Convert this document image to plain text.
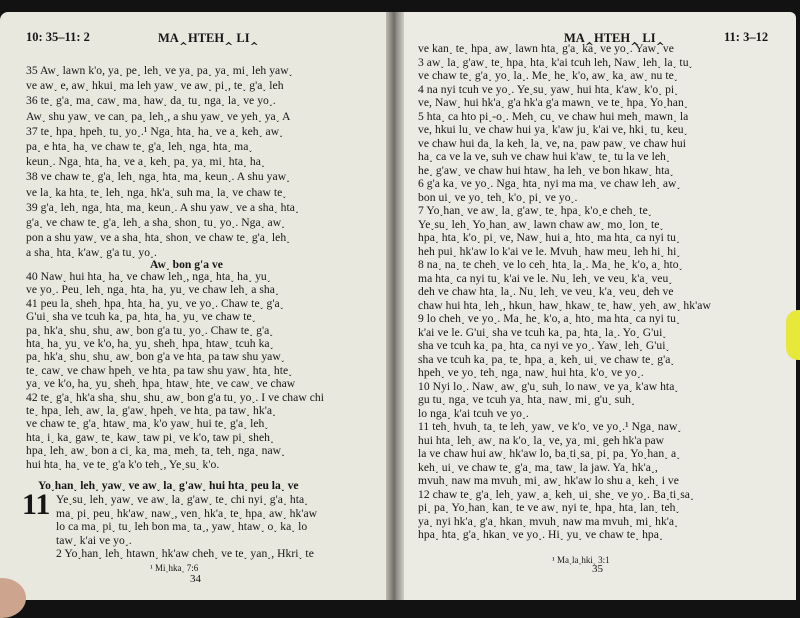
10: 35–11: 2	MA‸HTEH‸ LI‸
35 Aw˯ lawn k'o, ya˯ pe˯ leh˯ ve ya˯ pa˯ ya˯ mi˯ leh yaw˯
ve aw˯ e, aw˯ hkui˯ ma leh yaw˯ ve aw˯ pi˯, te˯ g'a˯ leh
36 te˯ g'a˯ ma˯ caw˯ ma˯ haw˯ da˯ tu˯ nga˯ la˯ ve yo˯.
Aw˯ shu yaw˯ ve can˯ pa˯ leh˯, a shu yaw˯ ve yeh˯ ya˯ A
37 te˯ hpa˯ hpeh˯ tu˯ yo˯.¹ Nga˯ hta˯ ha˯ ve a˯ keh˯ aw˯
pa˯ e hta˯ ha˯ ve chaw te˯ g'a˯ leh˯ nga˯ hta˯ ma˯
keun˯. Nga˯ hta˯ ha˯ ve a˯ keh˯ pa˯ ya˯ mi˯ hta˯ ha˯
38 ve chaw te˯ g'a˯ leh˯ nga˯ hta˯ ma˯ keun˯. A shu yaw˯
ve la˯ ka hta˯ te˯ leh˯ nga˯ hk'a˯ suh ma˯ la˯ ve chaw te˯
39 g'a˯ leh˯ nga˯ hta˯ ma˯ keun˯. A shu yaw˯ ve a sha˯ hta˯
g'a˯ ve chaw te˯ g'a˯ leh˯ a sha˯ shon˯ tu˯ yo˯. Nga˯ aw˯
pon a shu yaw˯ ve a sha˯ hta˯ shon˯ ve chaw te˯ g'a˯ leh˯
a sha˯ hta˯ k'aw˯ g'a tu˯ yo˯.
Aw˯ bon g'a ve
40 Naw˯ hui hta˯ ha˯ ve chaw leh˯, nga˯ hta˯ ha˯ yu˯
ve yo˯. Peu˯ leh˯ nga˯ hta˯ ha˯ yu˯ ve chaw leh˯ a sha˯
41 peu la˯ sheh˯ hpa˯ hta˯ ha˯ yu˯ ve yo˯. Chaw te˯ g'a˯
G'ui˯ sha ve tcuh ka˯ pa˯ hta˯ ha˯ yu˯ ve chaw te˯
pa˯ hk'a˯ shu˯ shu˯ aw˯ bon g'a tu˯ yo˯. Chaw te˯ g'a˯
hta˯ ha˯ yu˯ ve k'o, ha˯ yu˯ sheh˯ hpa˯ htaw˯ tcuh ka˯
pa˯ hk'a˯ shu˯ shu˯ aw˯ bon g'a ve hta˯ pa taw shu yaw˯
te˯ caw˯ ve chaw hpeh˯ ve hta˯ pa taw shu yaw˯ hta˯ hte˯
ya˯ ve k'o, ha˯ yu˯ sheh˯ hpa˯ htaw˯ hte˯ ve caw˯ ve chaw
42 te˯ g'a˯ hk'a sha˯ shu˯ shu˯ aw˯ bon g'a tu˯ yo˯. I ve chaw chi
te˯ hpa˯ leh˯ aw˯ la˯ g'aw˯ hpeh˯ ve hta˯ pa taw˯ hk'a˯
ve chaw te˯ g'a˯ htaw˯ ma˯ k'o yaw˯ hui te˯ g'a˯ leh˯
hta˯ i˯ ka˯ gaw˯ te˯ kaw˯ taw pi˯ ve k'o, taw pi˯ sheh˯
hpa˯ leh˯ aw˯ bon a ci˯ ka˯ ma˯ meh˯ ta˯ teh˯ nga˯ naw˯
hui hta˯ ha˯ ve te˯ g'a k'o teh˯, Ye˯su˯ k'o.
Yo˯han˯ leh˯ yaw˯ ve aw˯ la˯ g'aw˯ hui hta˯ peu la˯ ve
11 Ye˯su˯ leh˯ yaw˯ ve aw˯ la˯ g'aw˯ te˯ chi nyi˯ g'a˯ hta˯
ma˯ pi˯ peu˯ hk'aw˯ naw˯, ven˯ hk'a˯ te˯ hpa˯ aw˯ hk'aw
lo ca ma˯ pi˯ tu˯ leh bon ma˯ ta˯, yaw˯ htaw˯ o˯ ka˯ lo
taw˯ k'ai ve yo˯.
2 Yo˯han˯ leh˯ htawn˯ hk'aw cheh˯ ve te˯ yan˯, Hkri˯ te
¹ Mi˯hka˯ 7:6
34
MA‸HTEH‸ LI‸	11: 3–12
ve kan˯ te˯ hpa˯ aw˯ lawn hta˯ g'a˯ ka˯ ve yo˯. Yaw˯ ve
3 aw˯ la˯ g'aw˯ te˯ hpa˯ hta˯ k'ai tcuh leh, Naw˯ leh˯ la˯ tu˯
ve chaw te˯ g'a˯ yo˯ la˯. Me˯ he˯ k'o, aw˯ ka˯ aw˯ nu te˯
4 na nyi tcuh ve yo˯. Ye˯su˯ yaw˯ hui hta˯ k'aw˯ k'o˯ pi˯
ve, Naw˯ hui hk'a˯ g'a hk'a g'a mawn˯ ve te˯ hpa˯ Yo˯han˯
5 hta˯ ca hto pi˯-o˯. Meh˯ cu˯ ve chaw hui meh˯ mawn˯ la
ve, hkui lu˯ ve chaw hui ya˯ k'aw ju˯ k'ai ve, hki˯ tu˯ keu˯
ve chaw hui da˯ la keh˯ la˯ ve, na˯ paw paw˯ ve chaw hui
ha˯ ca ve la ve, suh ve chaw hui k'aw˯ te˯ tu la ve leh˯
he˯ g'aw˯ ve chaw hui htaw˯ ha leh˯ ve bon hkaw˯ hta˯
6 g'a ka˯ ve yo˯. Nga˯ hta˯ nyi ma ma˯ ve chaw leh˯ aw˯
bon ui˯ ve yo˯ teh˯ k'o˯ pi˯ ve yo˯.
7 Yo˯han˯ ve aw˯ la˯ g'aw˯ te˯ hpa˯ k'o˯e cheh˯ te˯
Ye˯su˯ leh˯ Yo˯han˯ aw˯ lawn chaw aw˯ mo˯ lon˯ te˯
hpa˯ hta˯ k'o˯ pi˯ ve, Naw˯ hui a˯ hto˯ ma hta˯ ca nyi tu˯
heh pui˯ hk'aw lo k'ai ve le. Mvuh˯ haw meu˯ leh hi˯ hi˯
8 na˯ na˯ te cheh˯ ve lo ceh˯ hta˯ la˯. Ma˯ he˯ k'o, a˯ hto˯
ma hta˯ ca nyi tu˯ k'ai ve le. Nu˯ leh˯ ve veu˯ k'a˯ veu˯
deh ve chaw hta˯ la˯. Nu˯ leh˯ ve veu˯ k'a˯ veu˯ deh ve
chaw hui hta˯ leh˯, hkun˯ haw˯ hkaw˯ te˯ haw˯ yeh˯ aw˯ hk'aw
9 lo cheh˯ ve yo˯. Ma˯ he˯ k'o, a˯ hto˯ ma hta˯ ca nyi tu˯
k'ai ve le. G'ui˯ sha ve tcuh ka˯ pa˯ hta˯ la˯. Yo˯ G'ui˯
sha ve tcuh ka˯ pa˯ hta˯ ca nyi ve yo˯. Yaw˯ leh˯ G'ui˯
sha ve tcuh ka˯ pa˯ te˯ hpa˯ a˯ keh˯ ui˯ ve chaw te˯ g'a˯
hpeh˯ ve yo˯ teh˯ nga˯ naw˯ hui hta˯ k'o˯ ve yo˯.
10 Nyi lo˯. Naw˯ aw˯ g'u˯ suh˯ lo naw˯ ve ya˯ k'aw hta˯
gu tu˯ nga˯ ve tcuh ya˯ hta˯ naw˯ mi˯ g'u˯ suh˯
lo nga˯ k'ai tcuh ve yo˯.
11 teh˯ hvuh˯ ta˯ te leh˯ yaw˯ ve k'o˯ ve yo˯.¹ Nga˯ naw˯
hui hta˯ leh˯ aw˯ na k'o˯ la˯ ve, ya˯ mi˯ geh hk'a paw
la ve chaw hui aw˯ hk'aw lo, ba˯ti˯sa˯ pi˯ pa˯ Yo˯han˯ a˯
keh˯ ui˯ ve chaw te˯ g'a˯ ma˯ taw˯ la jaw. Ya˯ hk'a˯,
mvuh˯ naw ma mvuh˯ mi˯ aw˯ hk'aw lo shu a˯ keh˯ i ve
12 chaw te˯ g'a˯ leh˯ yaw˯ a˯ keh˯ ui˯ she˯ ve yo˯. Ba˯ti˯sa˯
pi˯ pa˯ Yo˯han˯ kan˯ te ve aw˯ nyi te˯ hpa˯ hta˯ lan˯ teh˯
ya˯ nyi hk'a˯ g'a˯ hkan˯ mvuh˯ naw ma mvuh˯ mi˯ hk'a˯
hpa˯ hta˯ g'a˯ hkan˯ ve yo˯. Hi˯ yu˯ ve chaw te˯ hpa˯
¹ Ma˯la˯hki˯ 3:1
35
